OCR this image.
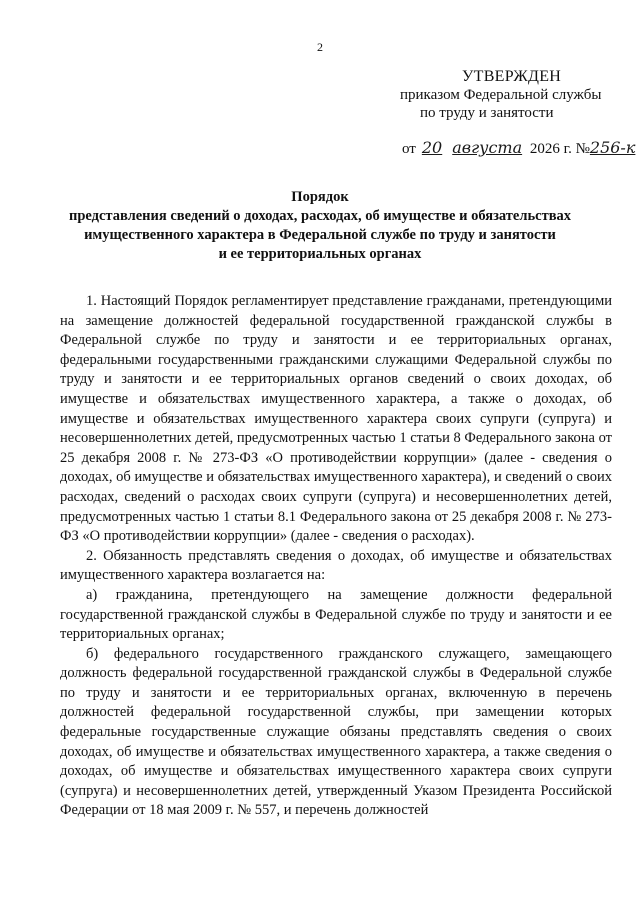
2
УТВЕРЖДЕН
приказом Федеральной службы
по труду и занятости
от 20 августа 2026 г. №256-к
Порядок
представления сведений о доходах, расходах, об имуществе и обязательствах
имущественного характера в Федеральной службе по труду и занятости
и ее территориальных органах

1. Настоящий Порядок регламентирует представление гражданами, претендующими на замещение должностей федеральной государственной гражданской службы в Федеральной службе по труду и занятости и ее территориальных органах, федеральными государственными гражданскими служащими Федеральной службы по труду и занятости и ее территориальных органов сведений о своих доходах, об имуществе и обязательствах имущественного характера, а также о доходах, об имуществе и обязательствах имущественного характера своих супруги (супруга) и несовершеннолетних детей, предусмотренных частью 1 статьи 8 Федерального закона от 25 декабря 2008 г. № 273-ФЗ «О противодействии коррупции» (далее - сведения о доходах, об имуществе и обязательствах имущественного характера), и сведений о своих расходах, сведений о расходах своих супруги (супруга) и несовершеннолетних детей, предусмотренных частью 1 статьи 8.1 Федерального закона от 25 декабря 2008 г. № 273-ФЗ «О противодействии коррупции» (далее - сведения о расходах).

2. Обязанность представлять сведения о доходах, об имуществе и обязательствах имущественного характера возлагается на:

а) гражданина, претендующего на замещение должности федеральной государственной гражданской службы в Федеральной службе по труду и занятости и ее территориальных органах;

б) федерального государственного гражданского служащего, замещающего должность федеральной государственной гражданской службы в Федеральной службе по труду и занятости и ее территориальных органах, включенную в перечень должностей федеральной государственной службы, при замещении которых федеральные государственные служащие обязаны представлять сведения о своих доходах, об имуществе и обязательствах имущественного характера, а также сведения о доходах, об имуществе и обязательствах имущественного характера своих супруги (супруга) и несовершеннолетних детей, утвержденный Указом Президента Российской Федерации от 18 мая 2009 г. № 557, и перечень должностей
